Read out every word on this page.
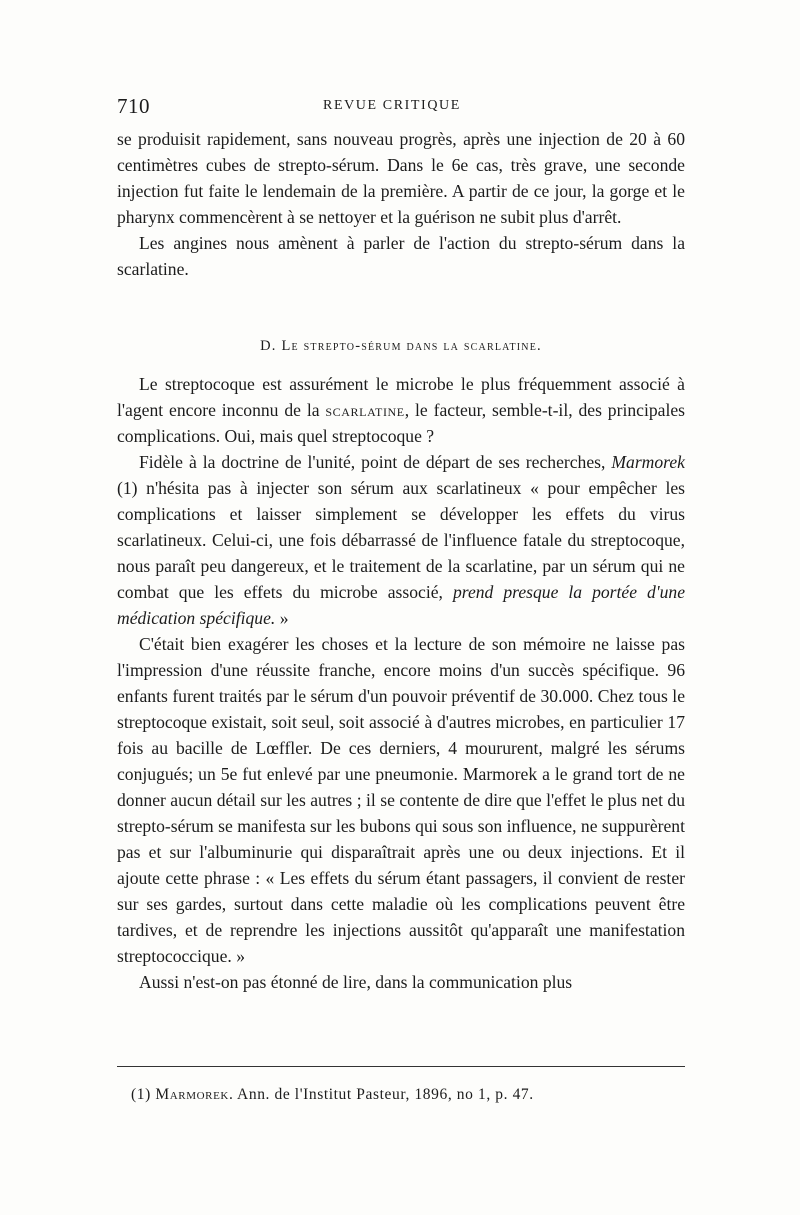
710	REVUE CRITIQUE

se produisit rapidement, sans nouveau progrès, après une injection de 20 à 60 centimètres cubes de strepto-sérum. Dans le 6e cas, très grave, une seconde injection fut faite le lendemain de la première. A partir de ce jour, la gorge et le pharynx commencèrent à se nettoyer et la guérison ne subit plus d'arrêt.

Les angines nous amènent à parler de l'action du strepto-sérum dans la scarlatine.

D. Le strepto-sérum dans la scarlatine.

Le streptocoque est assurément le microbe le plus fréquemment associé à l'agent encore inconnu de la scarlatine, le facteur, semble-t-il, des principales complications. Oui, mais quel streptocoque ?

Fidèle à la doctrine de l'unité, point de départ de ses recherches, Marmorek (1) n'hésita pas à injecter son sérum aux scarlatineux « pour empêcher les complications et laisser simplement se développer les effets du virus scarlatineux. Celui-ci, une fois débarrassé de l'influence fatale du streptocoque, nous paraît peu dangereux, et le traitement de la scarlatine, par un sérum qui ne combat que les effets du microbe associé, prend presque la portée d'une médication spécifique. »

C'était bien exagérer les choses et la lecture de son mémoire ne laisse pas l'impression d'une réussite franche, encore moins d'un succès spécifique. 96 enfants furent traités par le sérum d'un pouvoir préventif de 30.000. Chez tous le streptocoque existait, soit seul, soit associé à d'autres microbes, en particulier 17 fois au bacille de Lœffler. De ces derniers, 4 moururent, malgré les sérums conjugués; un 5e fut enlevé par une pneumonie. Marmorek a le grand tort de ne donner aucun détail sur les autres ; il se contente de dire que l'effet le plus net du strepto-sérum se manifesta sur les bubons qui sous son influence, ne suppurèrent pas et sur l'albuminurie qui disparaîtrait après une ou deux injections. Et il ajoute cette phrase : « Les effets du sérum étant passagers, il convient de rester sur ses gardes, surtout dans cette maladie où les complications peuvent être tardives, et de reprendre les injections aussitôt qu'apparaît une manifestation streptococcique. »

Aussi n'est-on pas étonné de lire, dans la communication plus

(1) Marmorek. Ann. de l'Institut Pasteur, 1896, no 1, p. 47.
